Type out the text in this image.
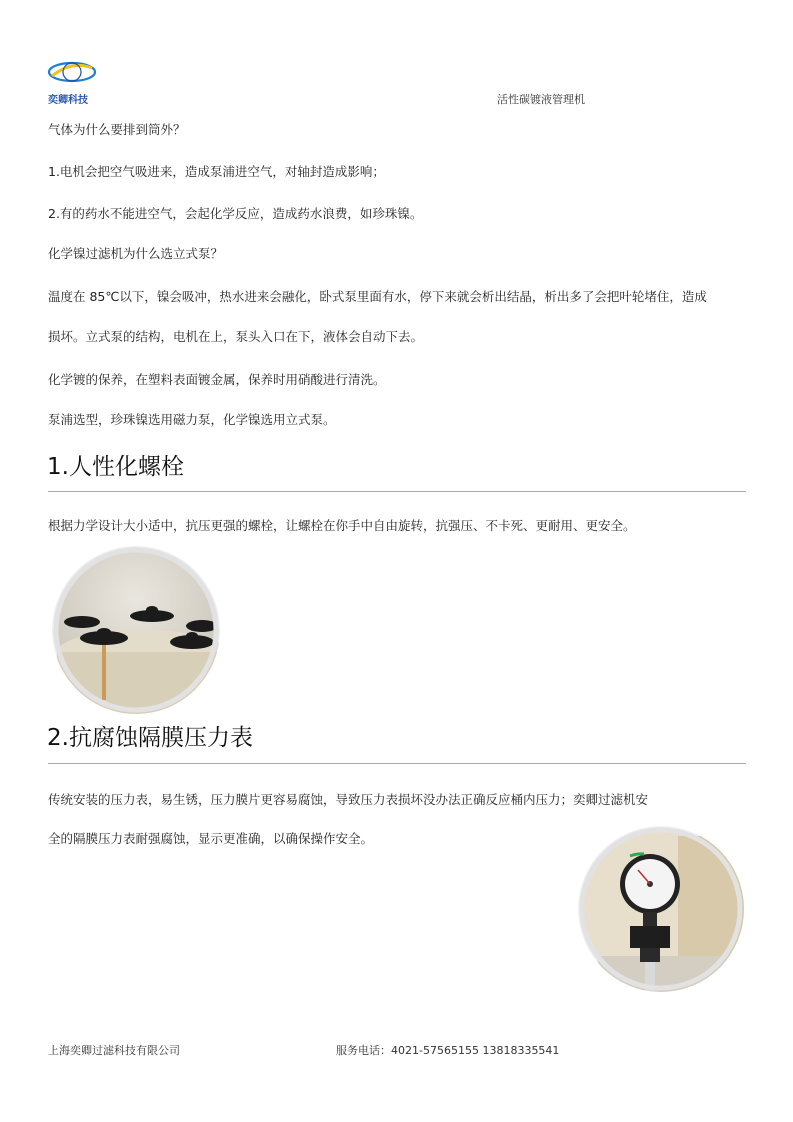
奕卿科技	活性碳镀液管理机
气体为什么要排到筒外？
1.电机会把空气吸进来，造成泵浦进空气，对轴封造成影响；
2.有的药水不能进空气，会起化学反应，造成药水浪费，如珍珠镍。
化学镍过滤机为什么选立式泵？
温度在 85℃以下，镍会吸冲，热水进来会融化，卧式泵里面有水，停下来就会析出结晶，析出多了会把叶轮堵住，造成
损坏。立式泵的结构，电机在上，泵头入口在下，液体会自动下去。
化学镀的保养，在塑料表面镀金属，保养时用硝酸进行清洗。
泵浦选型，珍珠镍选用磁力泵，化学镍选用立式泵。
1.人性化螺栓
根据力学设计大小适中，抗压更强的螺栓，让螺栓在你手中自由旋转，抗强压、不卡死、更耐用、更安全。
2.抗腐蚀隔膜压力表
传统安装的压力表，易生锈，压力膜片更容易腐蚀，导致压力表损坏没办法正确反应桶内压力；奕卿过滤机安
全的隔膜压力表耐强腐蚀，显示更准确，以确保操作安全。
上海奕卿过滤科技有限公司	服务电话：4021-57565155 13818335541
